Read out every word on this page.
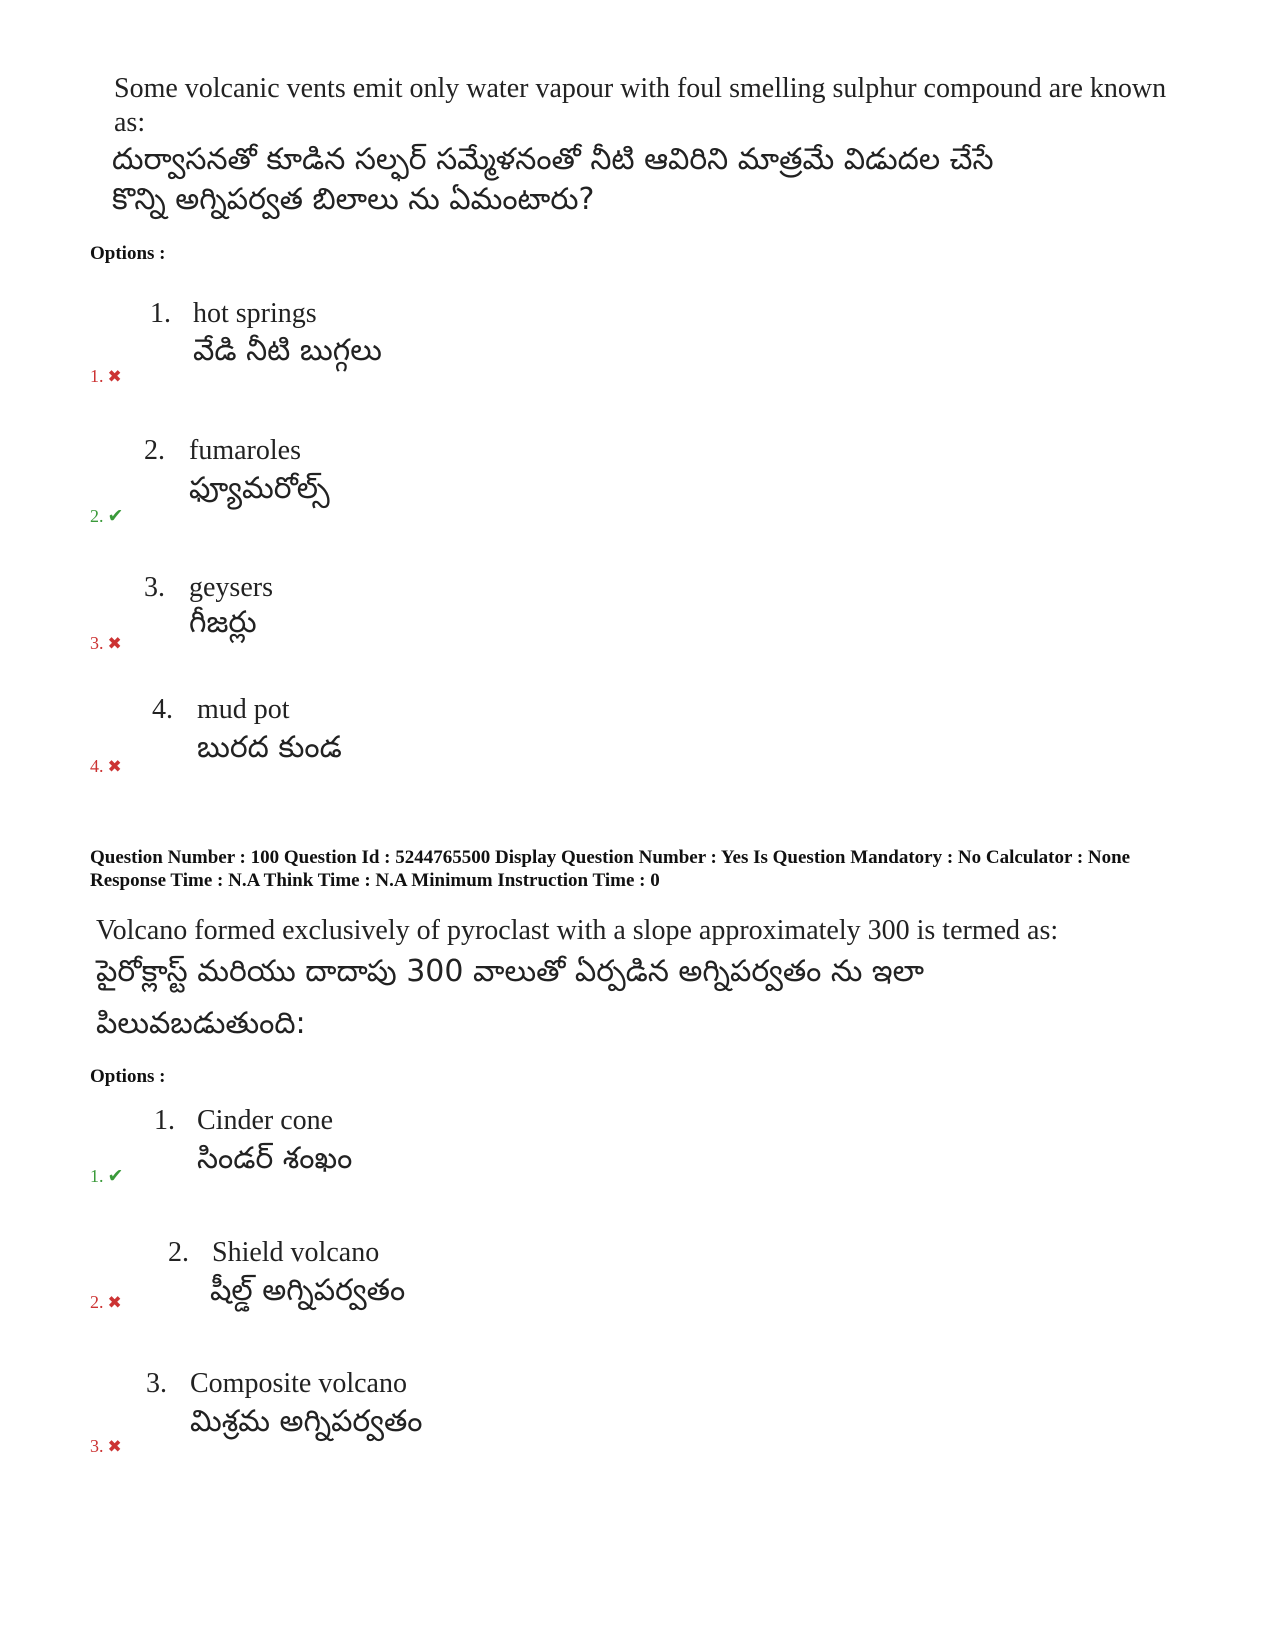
Some volcanic vents emit only water vapour with foul smelling sulphur compound are known as:
దుర్వాసనతో కూడిన సల్ఫర్ సమ్మేళనంతో నీటి ఆవిరిని మాత్రమే విడుదల చేసే
కొన్ని అగ్నిపర్వత బిలాలు ను ఏమంటారు?
Options :
1. hot springs
వేడి నీటి బుగ్గలు
1. ✖
2. fumaroles
ఫ్యూమరోల్స్
2. ✔
3. geysers
గీజర్లు
3. ✖
4. mud pot
బురద కుండ
4. ✖
Question Number : 100 Question Id : 5244765500 Display Question Number : Yes Is Question Mandatory : No Calculator : None Response Time : N.A Think Time : N.A Minimum Instruction Time : 0
Volcano formed exclusively of pyroclast with a slope approximately 300 is termed as:
పైరోక్లాస్ట్ మరియు దాదాపు 300 వాలుతో ఏర్పడిన అగ్నిపర్వతం ను ఇలా
పిలువబడుతుంది:
Options :
1. Cinder cone
సిండర్ శంఖం
1. ✔
2. Shield volcano
షీల్డ్ అగ్నిపర్వతం
2. ✖
3. Composite volcano
మిశ్రమ అగ్నిపర్వతం
3. ✖
